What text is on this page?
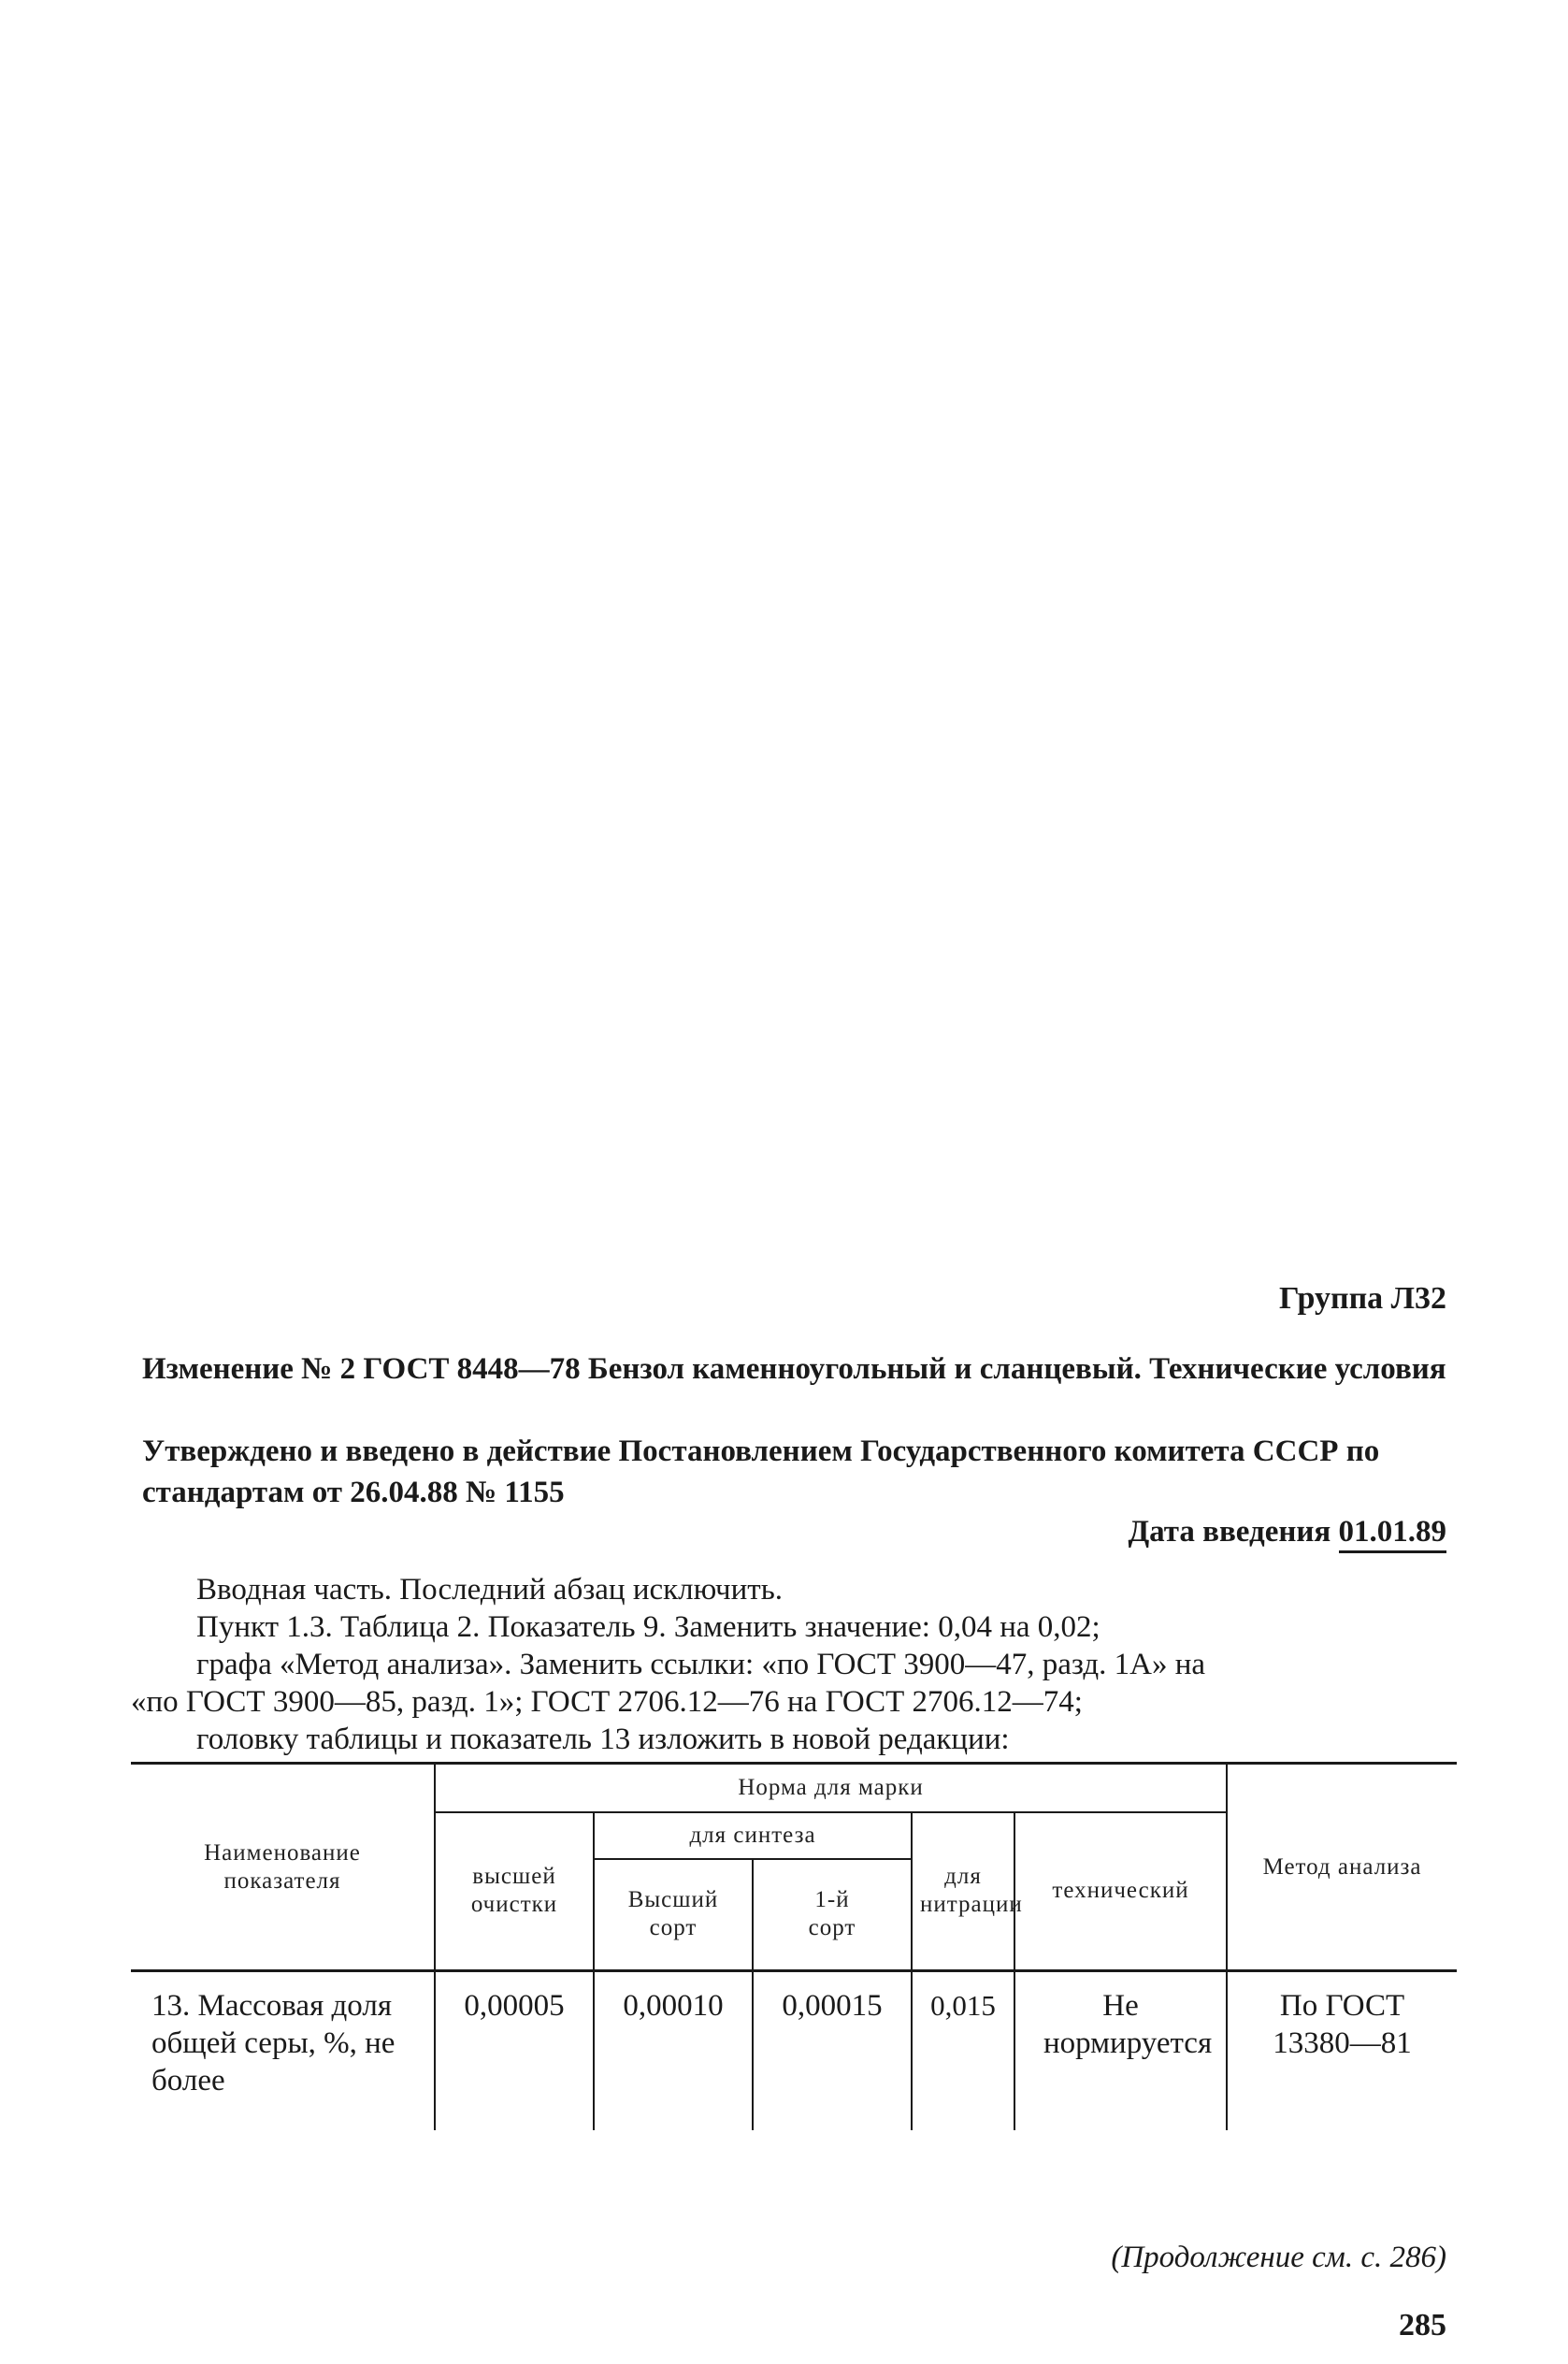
Группа Л32
Изменение № 2 ГОСТ 8448—78 Бензол каменноугольный и сланцевый. Технические условия
Утверждено и введено в действие Постановлением Государственного комитета СССР по стандартам от 26.04.88 № 1155
Дата введения 01.01.89

Вводная часть. Последний абзац исключить.

Пункт 1.3. Таблица 2. Показатель 9. Заменить значение: 0,04 на 0,02;

графа «Метод анализа». Заменить ссылки: «по ГОСТ 3900—47, разд. 1А» на

«по ГОСТ 3900—85, разд. 1»; ГОСТ 2706.12—76 на ГОСТ 2706.12—74;

головку таблицы и показатель 13 изложить в новой редакции:

Наименование показателя	Норма для марки					Метод анализа
	высшей очистки	для синтеза		для нитрации	технический	
		Высший сорт	1-й сорт			
13. Массовая доля общей серы, %, не более	0,00005	0,00010	0,00015	0,015	Не нормируется	По ГОСТ 13380—81
(Продолжение см. с. 286)
285
